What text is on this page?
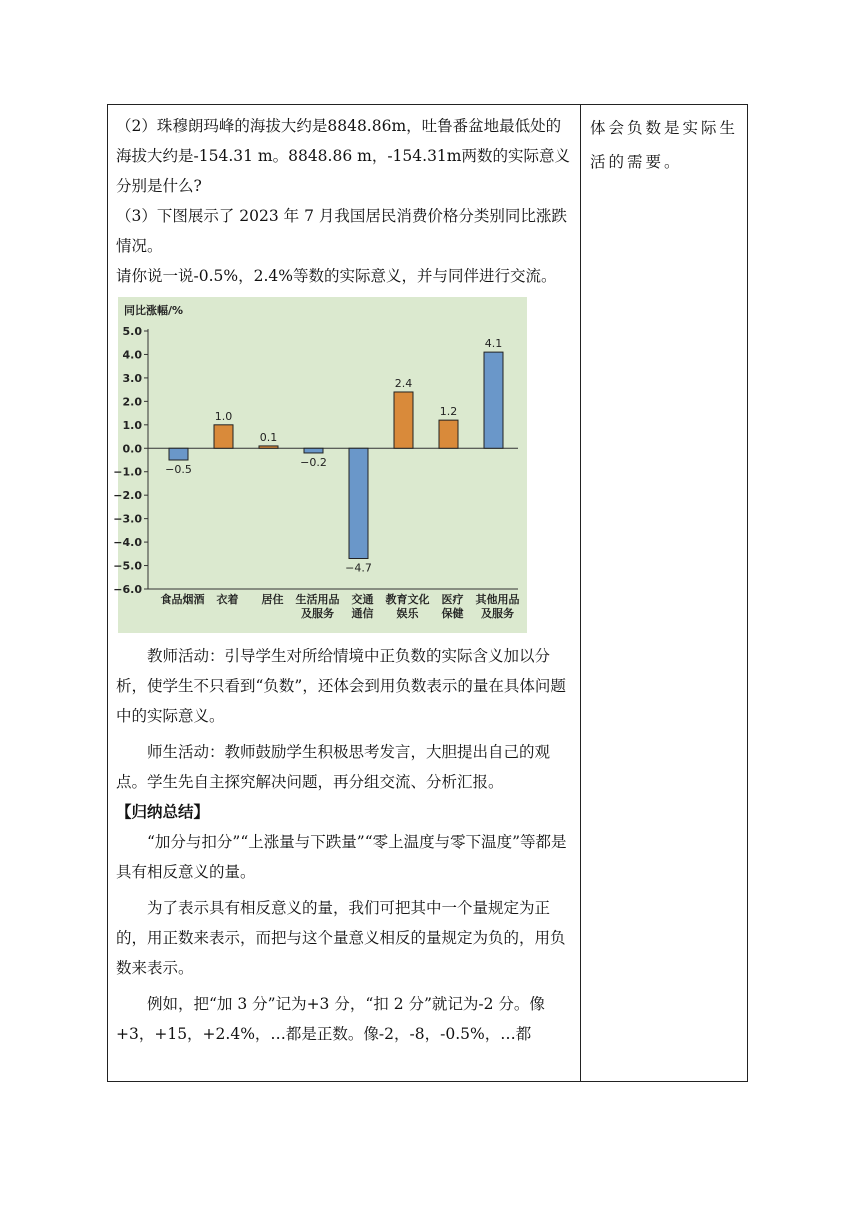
（2）珠穆朗玛峰的海拔大约是8848.86m，吐鲁番盆地最低处的海拔大约是-154.31 m。8848.86 m，-154.31m两数的实际意义分别是什么?

（3）下图展示了 2023 年 7 月我国居民消费价格分类别同比涨跌情况。

请你说一说-0.5%，2.4%等数的实际意义，并与同伴进行交流。

同比涨幅/%
5.0
4.0
3.0
2.0
1.0
0.0
−1.0
−2.0
−3.0
−4.0
−5.0
−6.0
−0.5
食品烟酒
1.0
衣着
0.1
居住
−0.2
生活用品
及服务
−4.7
交通
通信
2.4
教育文化
娱乐
1.2
医疗
保健
4.1
其他用品
及服务

教师活动：引导学生对所给情境中正负数的实际含义加以分析，使学生不只看到“负数”，还体会到用负数表示的量在具体问题中的实际意义。

师生活动：教师鼓励学生积极思考发言，大胆提出自己的观点。学生先自主探究解决问题，再分组交流、分析汇报。

【归纳总结】

“加分与扣分”“上涨量与下跌量”“零上温度与零下温度”等都是具有相反意义的量。

为了表示具有相反意义的量，我们可把其中一个量规定为正的，用正数来表示，而把与这个量意义相反的量规定为负的，用负数来表示。

例如，把“加 3 分”记为+3 分，“扣 2 分”就记为-2 分。像 +3，+15，+2.4%，…都是正数。像-2，-8，-0.5%，…都

体会负数是实际生活的需要。
